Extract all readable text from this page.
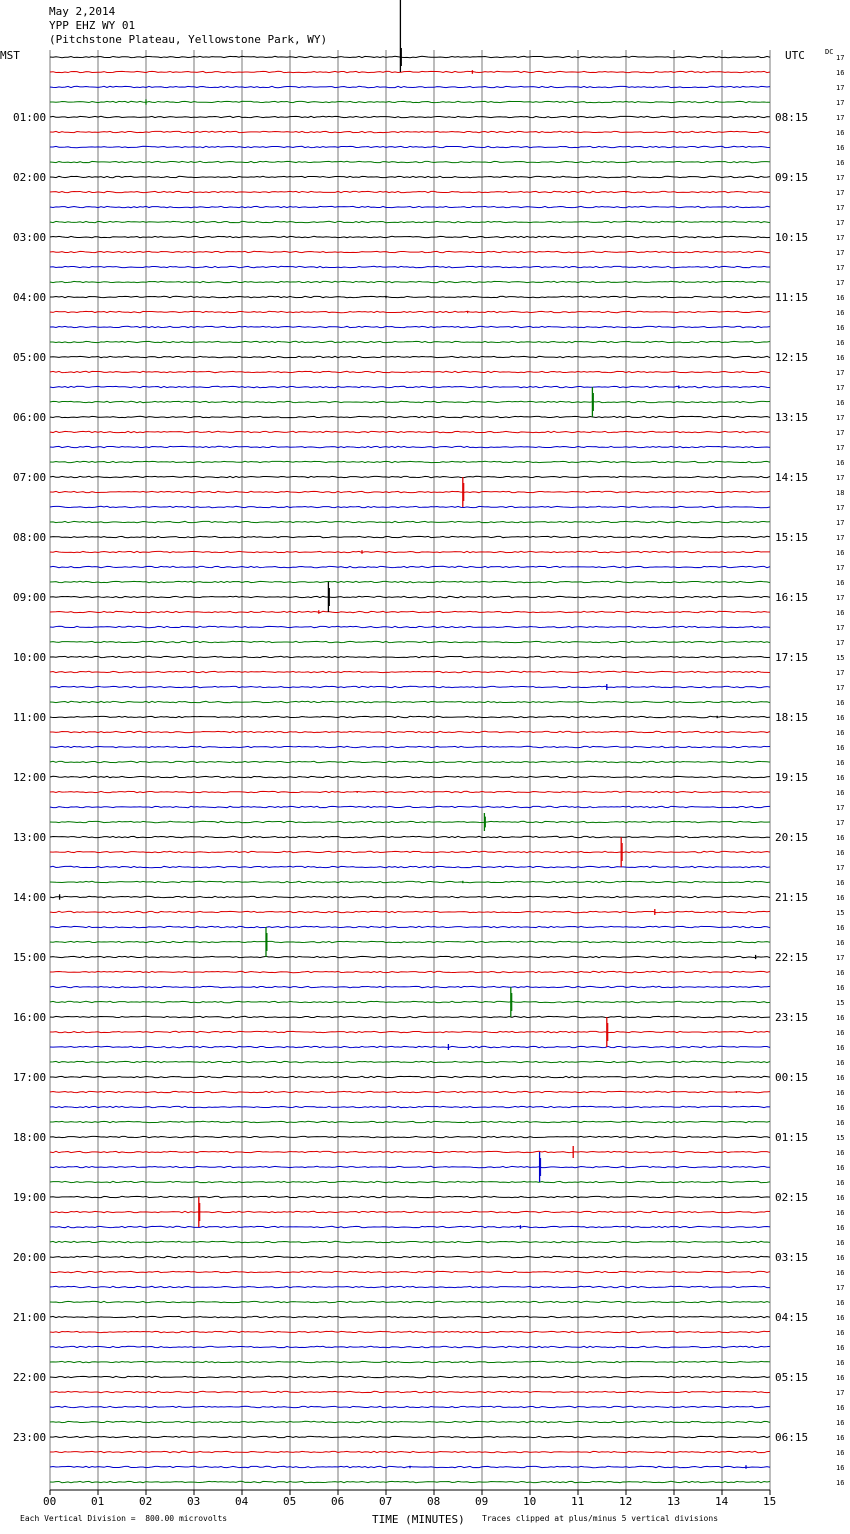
May 2,2014
YPP EHZ WY 01
(Pitchstone Plateau, Yellowstone Park, WY)
MST	UTC	DC
00	01	02	03	04	05	06	07	08	09	10	11	12	13	14	15
17
16
17
17
17
16
16
16
17
17
17
17
17
17
17
17
16
16
16
16
16
17
17
16
17
17
17
16
17
18
17
17
17
16
17
16
17
16
17
17
15
17
17
16
16
16
16
16
16
16
17
17
16
16
17
16
16
15
16
16
17
16
16
15
16
16
16
16
16
16
16
16
15
16
16
16
16
16
16
16
16
16
17
16
16
16
16
16
16
17
16
16
16
16
16
16
01:00	08:15
02:00	09:15
03:00	10:15
04:00	11:15
05:00	12:15
06:00	13:15
07:00	14:15
08:00	15:15
09:00	16:15
10:00	17:15
11:00	18:15
12:00	19:15
13:00	20:15
14:00	21:15
15:00	22:15
16:00	23:15
17:00	00:15
18:00	01:15
19:00	02:15
20:00	03:15
21:00	04:15
22:00	05:15
23:00	06:15
TIME (MINUTES)
Each Vertical Division =  800.00 microvolts	Traces clipped at plus/minus 5 vertical divisions
